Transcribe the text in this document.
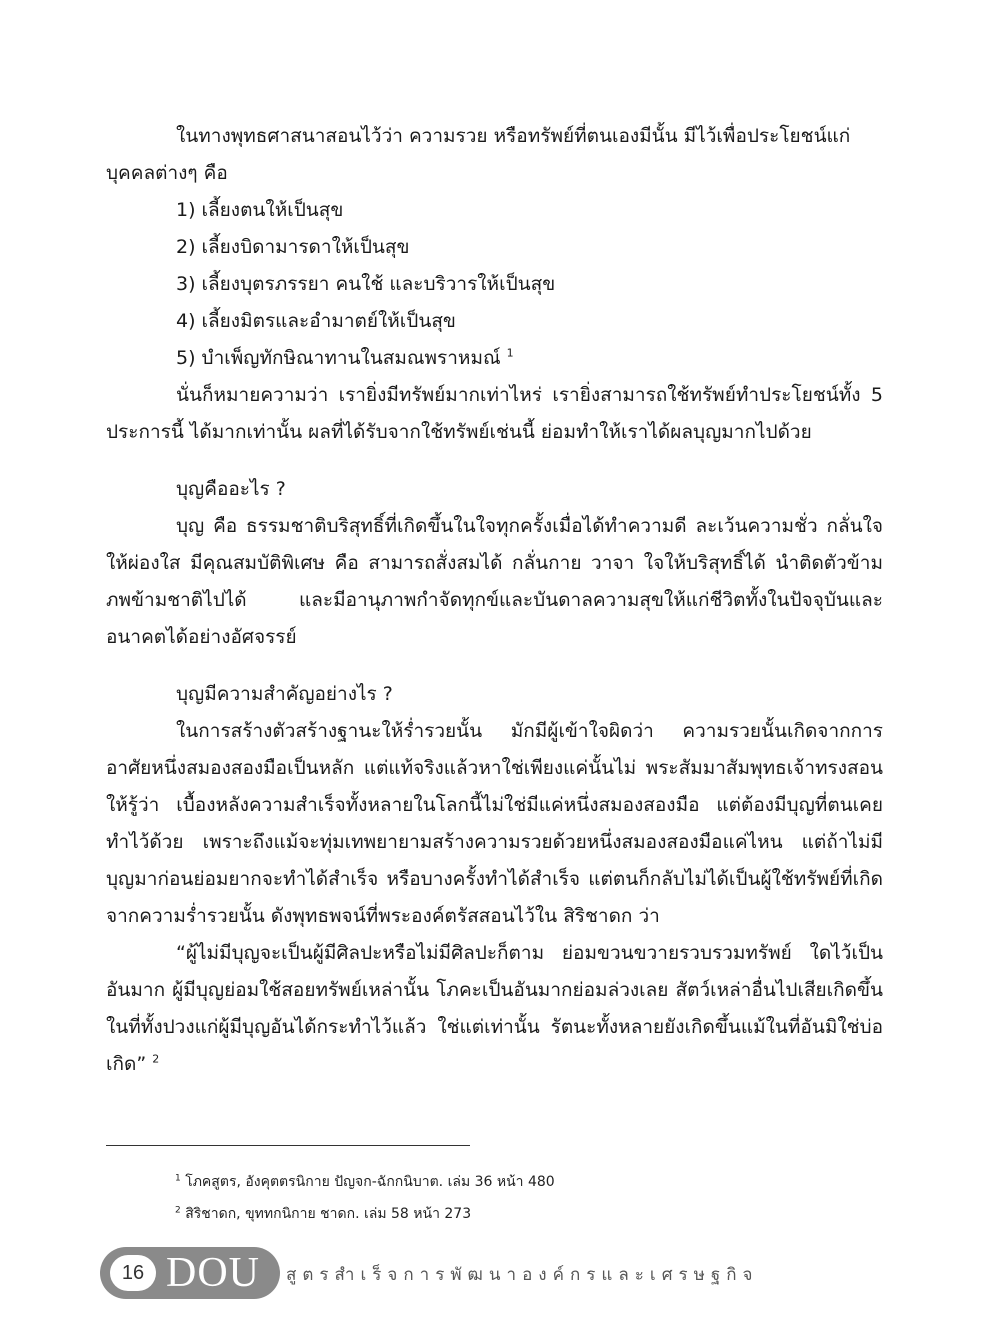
ในทางพุทธศาสนาสอนไว้ว่า ความรวย หรือทรัพย์ที่ตนเองมีนั้น มีไว้เพื่อประโยชน์แก่
บุคคลต่างๆ คือ

1) เลี้ยงตนให้เป็นสุข

2) เลี้ยงบิดามารดาให้เป็นสุข

3) เลี้ยงบุตรภรรยา คนใช้ และบริวารให้เป็นสุข

4) เลี้ยงมิตรและอำมาตย์ให้เป็นสุข

5) บำเพ็ญทักษิณาทานในสมณพราหมณ์ $^1$

นั่นก็หมายความว่า เรายิ่งมีทรัพย์มากเท่าไหร่ เรายิ่งสามารถใช้ทรัพย์ทำประโยชน์ทั้ง 5 ประการนี้ ได้มากเท่านั้น ผลที่ได้รับจากใช้ทรัพย์เช่นนี้ ย่อมทำให้เราได้ผลบุญมากไปด้วย

บุญคืออะไร ?

บุญ คือ ธรรมชาติบริสุทธิ์ที่เกิดขึ้นในใจทุกครั้งเมื่อได้ทำความดี ละเว้นความชั่ว กลั่นใจให้ผ่องใส มีคุณสมบัติพิเศษ คือ สามารถสั่งสมได้ กลั่นกาย วาจา ใจให้บริสุทธิ์ได้ นำติดตัวข้ามภพข้ามชาติไปได้ และมีอานุภาพกำจัดทุกข์และบันดาลความสุขให้แก่ชีวิตทั้งในปัจจุบันและอนาคตได้อย่างอัศจรรย์

บุญมีความสำคัญอย่างไร ?

ในการสร้างตัวสร้างฐานะให้ร่ำรวยนั้น มักมีผู้เข้าใจผิดว่า ความรวยนั้นเกิดจากการอาศัยหนึ่งสมองสองมือเป็นหลัก แต่แท้จริงแล้วหาใช่เพียงแค่นั้นไม่ พระสัมมาสัมพุทธเจ้าทรงสอนให้รู้ว่า เบื้องหลังความสำเร็จทั้งหลายในโลกนี้ไม่ใช่มีแค่หนึ่งสมองสองมือ แต่ต้องมีบุญที่ตนเคยทำไว้ด้วย เพราะถึงแม้จะทุ่มเทพยายามสร้างความรวยด้วยหนึ่งสมองสองมือแค่ไหน แต่ถ้าไม่มีบุญมาก่อนย่อมยากจะทำได้สำเร็จ หรือบางครั้งทำได้สำเร็จ แต่ตนก็กลับไม่ได้เป็นผู้ใช้ทรัพย์ที่เกิดจากความร่ำรวยนั้น ดังพุทธพจน์ที่พระองค์ตรัสสอนไว้ใน สิริชาดก ว่า

“ผู้ไม่มีบุญจะเป็นผู้มีศิลปะหรือไม่มีศิลปะก็ตาม ย่อมขวนขวายรวบรวมทรัพย์ ใดไว้เป็นอันมาก ผู้มีบุญย่อมใช้สอยทรัพย์เหล่านั้น โภคะเป็นอันมากย่อมล่วงเลย สัตว์เหล่าอื่นไปเสียเกิดขึ้นในที่ทั้งปวงแก่ผู้มีบุญอันได้กระทำไว้แล้ว ใช่แต่เท่านั้น รัตนะทั้งหลายยังเกิดขึ้นแม้ในที่อันมิใช่บ่อเกิด” $^2$

$^1$ โภคสูตร, อังคุตตรนิกาย ปัญจก-ฉักกนิบาต. เล่ม 36 หน้า 480
$^2$ สิริชาดก, ขุททกนิกาย ชาดก. เล่ม 58 หน้า 273
16 DOU สูตรสำเร็จการพัฒนาองค์กรและเศรษฐกิจ
